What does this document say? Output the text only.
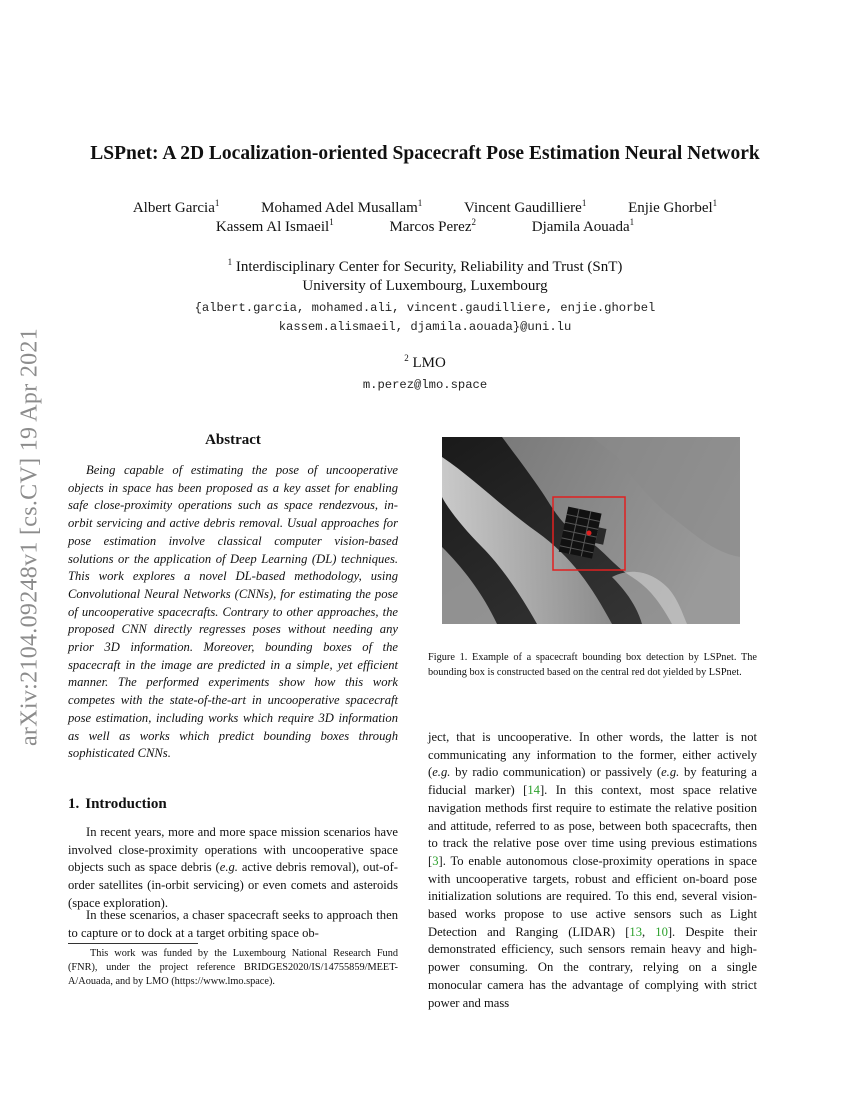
arXiv:2104.09248v1 [cs.CV] 19 Apr 2021
LSPnet: A 2D Localization-oriented Spacecraft Pose Estimation Neural Network
Albert Garcia$^1$	Mohamed Adel Musallam$^1$	Vincent Gaudilliere$^1$	Enjie Ghorbel$^1$
Kassem Al Ismaeil$^1$	Marcos Perez$^2$	Djamila Aouada$^1$
$^1$ Interdisciplinary Center for Security, Reliability and Trust (SnT)
University of Luxembourg, Luxembourg
{albert.garcia, mohamed.ali, vincent.gaudilliere, enjie.ghorbel
kassem.alismaeil, djamila.aouada}@uni.lu
$^2$ LMO
m.perez@lmo.space
Abstract
Being capable of estimating the pose of uncooperative objects in space has been proposed as a key asset for enabling safe close-proximity operations such as space rendezvous, in-orbit servicing and active debris removal. Usual approaches for pose estimation involve classical computer vision-based solutions or the application of Deep Learning (DL) techniques. This work explores a novel DL-based methodology, using Convolutional Neural Networks (CNNs), for estimating the pose of uncooperative spacecrafts. Contrary to other approaches, the proposed CNN directly regresses poses without needing any prior 3D information. Moreover, bounding boxes of the spacecraft in the image are predicted in a simple, yet efficient manner. The performed experiments show how this work competes with the state-of-the-art in uncooperative spacecraft pose estimation, including works which require 3D information as well as works which predict bounding boxes through sophisticated CNNs.
1. Introduction
In recent years, more and more space mission scenarios have involved close-proximity operations with uncooperative space objects such as space debris (e.g. active debris removal), out-of-order satellites (in-orbit servicing) or even comets and asteroids (space exploration).
In these scenarios, a chaser spacecraft seeks to approach then to capture or to dock at a target orbiting space ob-
This work was funded by the Luxembourg National Research Fund (FNR), under the project reference BRIDGES2020/IS/14755859/MEET-A/Aouada, and by LMO (https://www.lmo.space).
Figure 1. Example of a spacecraft bounding box detection by LSPnet. The bounding box is constructed based on the central red dot yielded by LSPnet.
ject, that is uncooperative. In other words, the latter is not communicating any information to the former, either actively (e.g. by radio communication) or passively (e.g. by featuring a fiducial marker) [14]. In this context, most space relative navigation methods first require to estimate the relative position and attitude, referred to as pose, between both spacecrafts, then to track the relative pose over time using previous estimations [3]. To enable autonomous close-proximity operations in space with uncooperative targets, robust and efficient on-board pose initialization solutions are required. To this end, several vision-based works propose to use active sensors such as Light Detection and Ranging (LIDAR) [13, 10]. Despite their demonstrated efficiency, such sensors remain heavy and high-power consuming. On the contrary, relying on a single monocular camera has the advantage of complying with strict power and mass
